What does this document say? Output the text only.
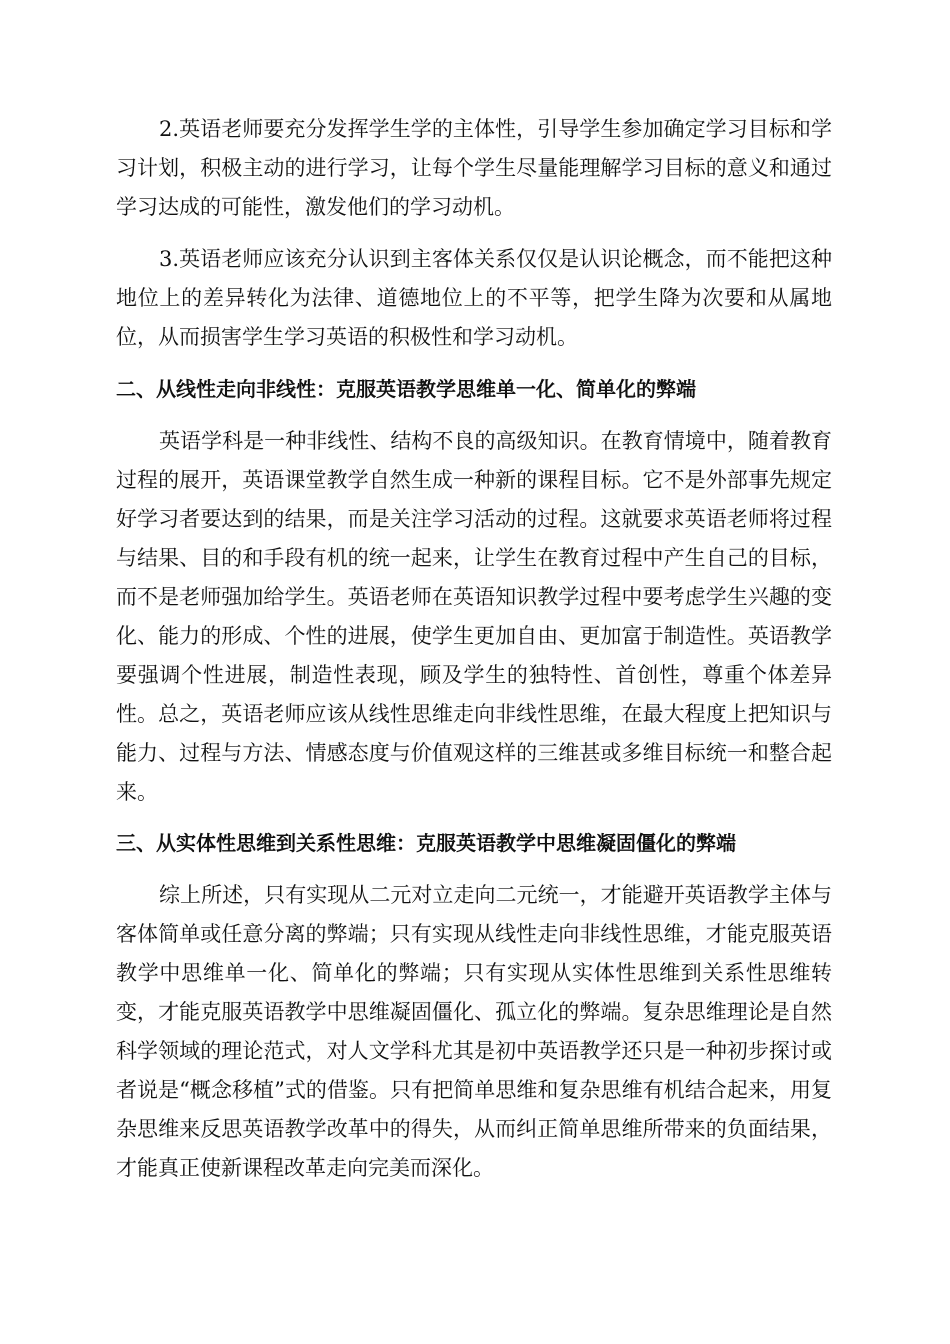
2.英语老师要充分发挥学生学的主体性，引导学生参加确定学习目标和学习计划，积极主动的进行学习，让每个学生尽量能理解学习目标的意义和通过学习达成的可能性，激发他们的学习动机。

3.英语老师应该充分认识到主客体关系仅仅是认识论概念，而不能把这种地位上的差异转化为法律、道德地位上的不平等，把学生降为次要和从属地位，从而损害学生学习英语的积极性和学习动机。

二、从线性走向非线性：克服英语教学思维单一化、简单化的弊端

英语学科是一种非线性、结构不良的高级知识。在教育情境中，随着教育过程的展开，英语课堂教学自然生成一种新的课程目标。它不是外部事先规定好学习者要达到的结果，而是关注学习活动的过程。这就要求英语老师将过程与结果、目的和手段有机的统一起来，让学生在教育过程中产生自己的目标，而不是老师强加给学生。英语老师在英语知识教学过程中要考虑学生兴趣的变化、能力的形成、个性的进展，使学生更加自由、更加富于制造性。英语教学要强调个性进展，制造性表现，顾及学生的独特性、首创性，尊重个体差异性。总之，英语老师应该从线性思维走向非线性思维，在最大程度上把知识与能力、过程与方法、情感态度与价值观这样的三维甚或多维目标统一和整合起来。

三、从实体性思维到关系性思维：克服英语教学中思维凝固僵化的弊端

综上所述，只有实现从二元对立走向二元统一，才能避开英语教学主体与客体简单或任意分离的弊端；只有实现从线性走向非线性思维，才能克服英语教学中思维单一化、简单化的弊端；只有实现从实体性思维到关系性思维转变，才能克服英语教学中思维凝固僵化、孤立化的弊端。复杂思维理论是自然科学领域的理论范式，对人文学科尤其是初中英语教学还只是一种初步探讨或者说是“概念移植”式的借鉴。只有把简单思维和复杂思维有机结合起来，用复杂思维来反思英语教学改革中的得失，从而纠正简单思维所带来的负面结果，才能真正使新课程改革走向完美而深化。
